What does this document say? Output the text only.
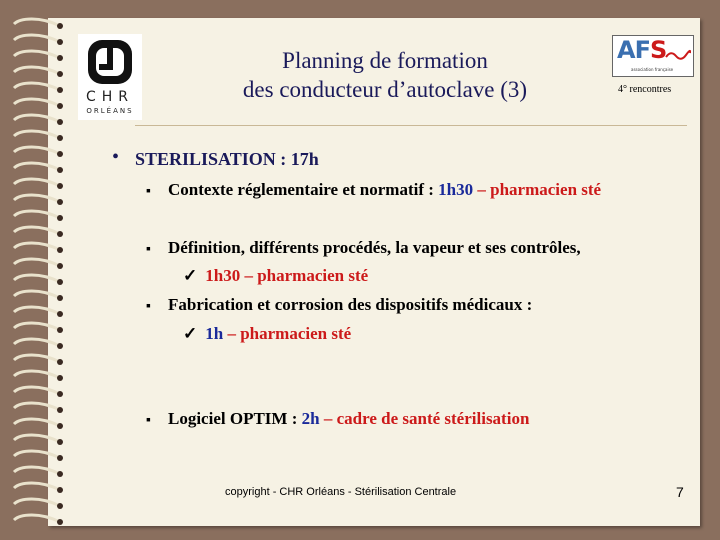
CHR
ORLÉANS
Planning de formation
des conducteur d’autoclave (3)
AFS
association française
4° rencontres
• STERILISATION : 17h
▪ Contexte réglementaire et normatif : 1h30 – pharmacien sté
▪ Définition, différents procédés, la vapeur et ses contrôles,
✓ 1h30 – pharmacien sté
▪ Fabrication et corrosion des dispositifs médicaux :
✓ 1h – pharmacien sté
▪ Logiciel OPTIM : 2h – cadre de santé stérilisation
copyright - CHR Orléans - Stérilisation Centrale	7
